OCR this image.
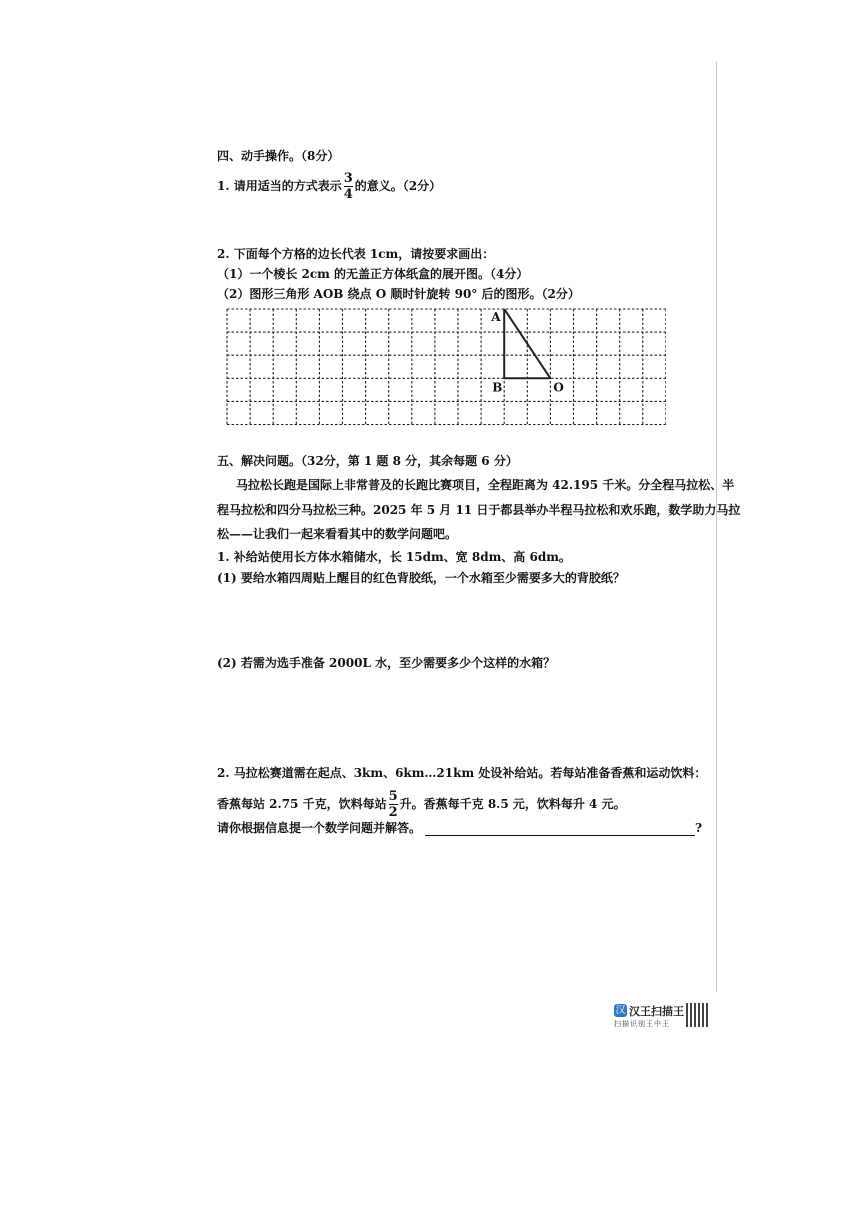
四、动手操作。（8分）
1. 请用适当的方式表示 $\frac{3}{4}$ 的意义。（2分）
2. 下面每个方格的边长代表 1cm，请按要求画出：
（1）一个棱长 2cm 的无盖正方体纸盒的展开图。（4分）
（2）图形三角形 AOB 绕点 O 顺时针旋转 90° 后的图形。（2分）
A
B	O
五、解决问题。（32分，第 1 题 8 分，其余每题 6 分）
马拉松长跑是国际上非常普及的长跑比赛项目，全程距离为 42.195 千米。分全程马拉松、半
程马拉松和四分马拉松三种。2025 年 5 月 11 日于都县举办半程马拉松和欢乐跑，数学助力马拉
松——让我们一起来看看其中的数学问题吧。
1. 补给站使用长方体水箱储水，长 15dm、宽 8dm、高 6dm。
(1) 要给水箱四周贴上醒目的红色背胶纸，一个水箱至少需要多大的背胶纸？
(2) 若需为选手准备 2000L 水，至少需要多少个这样的水箱？
2. 马拉松赛道需在起点、3km、6km…21km 处设补给站。若每站准备香蕉和运动饮料：
香蕉每站 2.75 千克，饮料每站 $\frac{5}{2}$ 升。香蕉每千克 8.5 元，饮料每升 4 元。
请你根据信息提一个数学问题并解答。	?
汉 汉王扫描王
扫描识别王中王
